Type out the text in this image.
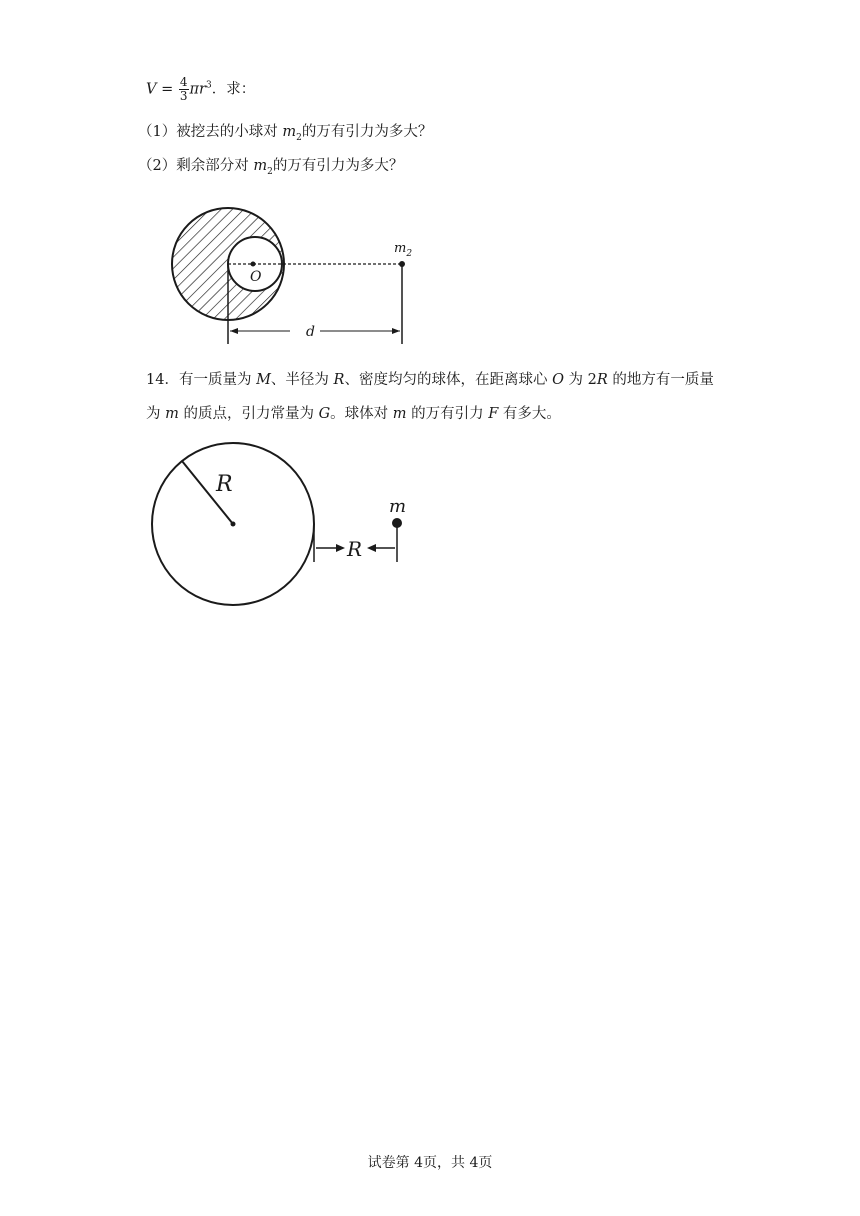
$V = \frac{4}{3} \pi r^3$．求：
（1）被挖去的小球对 $m_2$的万有引力为多大？
（2）剩余部分对 $m_2$的万有引力为多大？
O
$m_2$
d
14．有一质量为 M、半径为 R、密度均匀的球体，在距离球心 O 为 2R 的地方有一质量
为 m 的质点，引力常量为 G。球体对 m 的万有引力 F 有多大。
R
m
R
试卷第 4页，共 4页
